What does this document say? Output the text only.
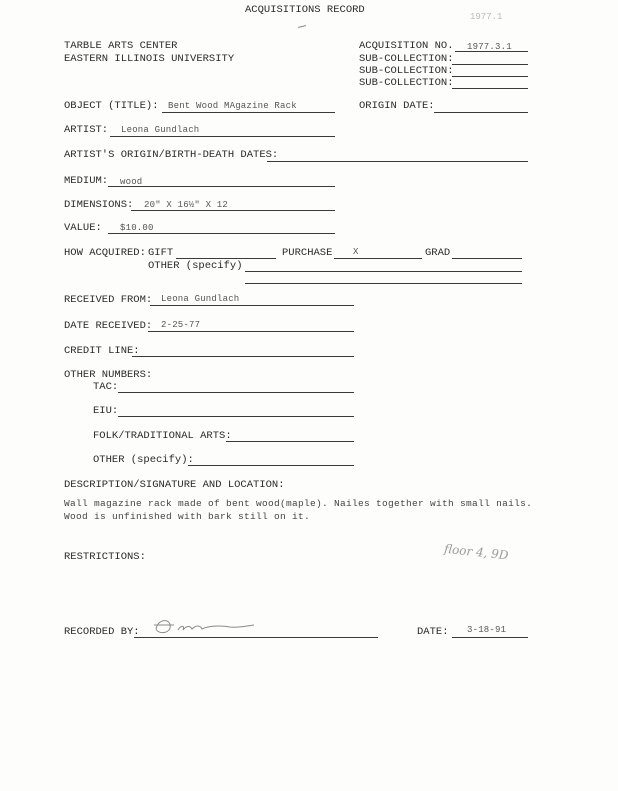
ACQUISITIONS RECORD
1977.1
TARBLE ARTS CENTER
EASTERN ILLINOIS UNIVERSITY
ACQUISITION NO. 1977.3.1
SUB-COLLECTION:
SUB-COLLECTION:
SUB-COLLECTION:
OBJECT (TITLE): Bent Wood MAgazine Rack	ORIGIN DATE:
ARTIST: Leona Gundlach
ARTIST'S ORIGIN/BIRTH-DEATH DATES:
MEDIUM: wood
DIMENSIONS: 20" X 16½" X 12
VALUE: $10.00
HOW ACQUIRED: GIFT	PURCHASE X	GRAD
OTHER (specify)
RECEIVED FROM: Leona Gundlach
DATE RECEIVED: 2-25-77
CREDIT LINE:
OTHER NUMBERS:
TAC:
EIU:
FOLK/TRADITIONAL ARTS:
OTHER (specify):
DESCRIPTION/SIGNATURE AND LOCATION:
Wall magazine rack made of bent wood(maple). Nailes together with small nails.
Wood is unfinished with bark still on it.
RESTRICTIONS:	floor 4, 9D
RECORDED BY:	DATE: 3-18-91
